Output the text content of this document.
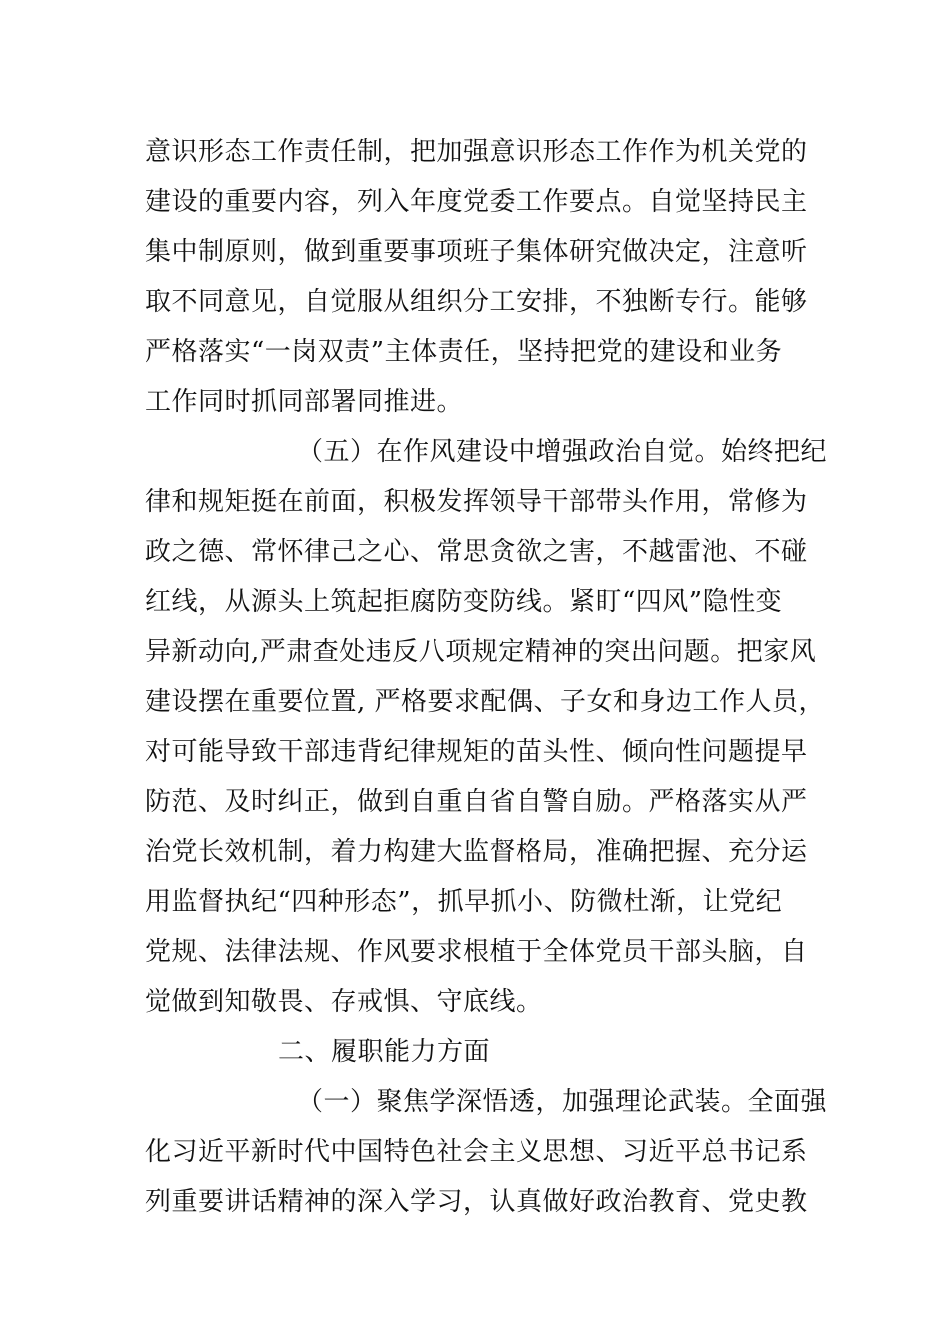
意识形态工作责任制，把加强意识形态工作作为机关党的
建设的重要内容，列入年度党委工作要点。自觉坚持民主
集中制原则，做到重要事项班子集体研究做决定，注意听
取不同意见，自觉服从组织分工安排，不独断专行。能够
严格落实“一岗双责”主体责任，坚持把党的建设和业务
工作同时抓同部署同推进。
（五）在作风建设中增强政治自觉。始终把纪
律和规矩挺在前面，积极发挥领导干部带头作用，常修为
政之德、常怀律己之心、常思贪欲之害，不越雷池、不碰
红线，从源头上筑起拒腐防变防线。紧盯“四风”隐性变
异新动向,严肃查处违反八项规定精神的突出问题。把家风
建设摆在重要位置, 严格要求配偶、子女和身边工作人员，
对可能导致干部违背纪律规矩的苗头性、倾向性问题提早
防范、及时纠正，做到自重自省自警自励。严格落实从严
治党长效机制，着力构建大监督格局，准确把握、充分运
用监督执纪“四种形态”，抓早抓小、防微杜渐，让党纪
党规、法律法规、作风要求根植于全体党员干部头脑，自
觉做到知敬畏、存戒惧、守底线。
二、履职能力方面
（一）聚焦学深悟透，加强理论武装。全面强
化习近平新时代中国特色社会主义思想、习近平总书记系
列重要讲话精神的深入学习，认真做好政治教育、党史教
